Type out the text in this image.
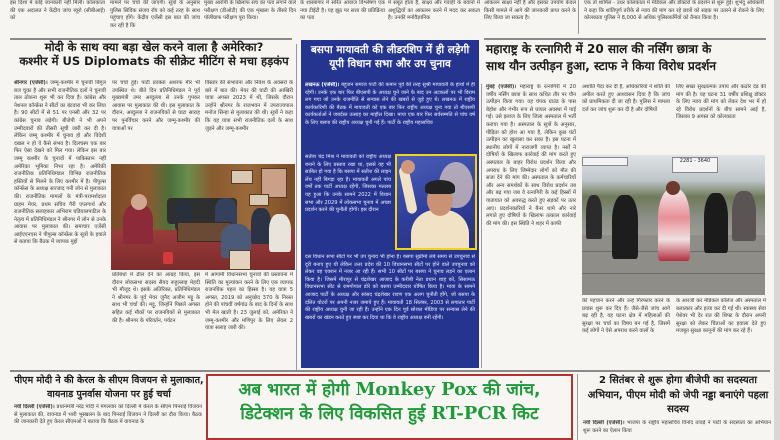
इस दिशा में कोई जानकारी नहीं मिली। कोलकाता की एक अदालत ने केंद्रीय जांच ब्यूरो (सीबीआई) को
मामले पर चर्चा की जाएगी। सूत्रों के अनुसार पुलिस सिविक संजय रॉय को कई तरह के साथ पहुंचाए होंगे। केंद्रीय एजेंसी इस बात की जांच कर रही है कि
मुख्य आरोपी के खिलाफ सच का पता लगाने वाले परीक्षण (डीओटी) की एक शृंखला के तीसरे दिन पॉलीग्राफ परीक्षण पूरा किया।
के शास्त्रागार में सरित आवाज विश्लेषण एक नया टीईटी है। यह झूठ पर सत्ता की प्रतिक्रिया का पता
में सबूत होता है, साक्ष्य और गवाही के बयानों में अशुद्धियों का आकलन करने में मदद कर सकता है। उनकी मनोवैज्ञानिक
आंकलन साक्ष्य नहीं है और इसका उपयोग केवल किसी मामले में आगे की जानकारी प्राप्त करने के लिए किया जा सकता है।
एक तो शामिल - उधर कोलकाता में मेडिकल और डॉक्टरों के प्रदर्शन से शुरू हुई। शुभेंदु अधिकारी ने कहा कि शांतिपूर्ण तरीके से न्याय की मांग कर रहे छात्रों को सड़क पर उतरने से रोकने के लिए कोलकाता पुलिस ने 8,000 से अधिक पुलिसकर्मियों को तैनात किया है।
मोदी के साथ क्या बड़ा खेल करने वाला है अमेरिका?
कश्मीर में US Diplomats की सीक्रेट मीटिंग से मचा हड़कंप
श्रीनगर (एजेंसी)। जम्मू-कश्मीर में चुनावी बिगुल बज चुका है और सभी राजनीतिक दलों ने चुनावी ताल ठोकना शुरू भी कर दिया है। कांग्रेस और नेशनल कॉन्फ्रेंस ने सीटों का बंटवारा भी कर लिया है। 90 सीटों में से 51 पर एनसी और 32 पर कांग्रेस चुनाव लड़ेगी। बीजेपी ने भी अपने उम्मीदवारों की तीसरी सूची जारी कर दी है। लेकिन जम्मू कश्मीर में चुनाव हो और विदेशी दखल न हो ये कैसे संभव है। दिलचस्प एक बार फिर ऐसा देखने को मिल गया। लेकिन इस बार जम्मू कश्मीर के चुनावों में पाकिस्तान नहीं अमेरिका भूमिका निभा रहा है। अमेरिकी राजनीतिक प्रतिनिधिमंडल विभिन्न राजनीतिक हस्तियों से मिलने के लिए कश्मीर में है। पीपुल्स कॉन्फ्रेंस के अध्यक्ष सज्जाद गनी लोन से मुलाकात की। राजनीतिक मामलों के मंत्री-परामर्शदाता ग्राहम मेयर, प्रथम सचिव गैरी एप्लगार्थ और राजनीतिक सलाहकार अभिराम घडियालपाटिल के नेतृत्व में प्रतिनिधिमंडल ने श्रीनगर में लोन से उनके आवास पर मुलाकात की। समाचार एजेंसी आईएएनएस ने पीपुल्स कॉन्फ्रेंस के सूत्रों के हवाले से बताया कि बैठक में व्यापक मुद्दों
पर चर्चा हुई। पार्टी प्रवक्ता अशरफ मीर भी उपस्थित थे। बीते दिन प्रतिनिधिमंडल ने पूर्व मुख्यमंत्री उमर अब्दुल्ला से उनके गुपकर आवास पर मुलाकात की थी। इस मुलाकात के दौरान, अब्दुल्ला ने राजनयिकों से घाटा साराह पर पुनर्विचार करने और जम्मू-कश्मीर की यात्राओं पर
विस्तार की संभावना और निवेश के अवसरों के बारे में बात की। मेयर की घाटी की आखिरी यात्रा अगस्त 2023 में थी, जिसके दौरान उन्होंने श्रीनगर के राजभवन में उपराज्यपाल मनोज सिन्हा से मुलाकात की थी। सूत्रों ने कहा कि यह यात्रा सभी राजनीतिक दलों के साथ जुड़ने और जम्मू-कश्मीर
प्रतिबंधों में ढील देने का आग्रह किया, इस दौरान लोकसभा सदस्य सैयद रूहुल्लाह मेहदी भी मौजूद थे। इसके अतिरिक्त, प्रतिनिधिमंडल ने श्रीनगर के पूर्व मेयर जुनैद अजीम मट्टू के साथ भी चर्चा की। मट्टू, जिन्होंने पिछले अगस्त सहित कई मौकों पर राजनयिकों से मुलाकात की है। श्रीनगर के परिवर्तन, पर्यटन
में आगामी विधानसभा चुनावों की प्रस्तावना में स्थिति का मूल्यांकन करने के लिए एक व्यापक राजनयिक पहल का हिस्सा है। यह यात्रा 5 अगस्त, 2019 को अनुच्छेद 370 के निरस्त होने की पांचवीं वर्षगांठ के बाद के दिनों के साथ भी मेल खाती है। 23 जुलाई को, अमेरिका ने जम्मू-कश्मीर और मणिपुर के लिए लेवल 2 यात्रा सलाह जारी की।
बसपा मायावती की लीडरशिप में ही लड़ेगी यूपी विधान सभा और उप चुनाव
लखनऊ (एजेंसी)। बहुजन समाज पार्टी की कमान पूर्व की तरह सुश्री मायावती के हाथों में ही रहेगी। उनके एक बार फिर बीएसपी के अध्यक्ष चुने जाने के बाद उन अटकलों पर भी विराम लग गया जो उनके राजनीति से सन्यास लेने की खबरों से जुड़े हुए थे। लखनऊ में राष्ट्रीय कार्यकारिणी की बैठक में मायावती को एक बार फिर राष्ट्रीय अध्यक्ष चुना गया तो बीएसपी कार्यकर्ताओं ने जबर्दस्त उत्साह का माहौल दिखा। माया एक बार फिर सर्वसम्मति से पांच वर्ष के लिए बसपा की राष्ट्रीय अध्यक्ष चुनी गई हैं। पार्टी के राष्ट्रीय महासचिव
सतीश चंद्र मिश्र ने मायावती को राष्ट्रीय अध्यक्ष बनाने के लिए प्रस्ताव रखा था, इससे यह भी साबित हो गया है कि बसपा में सतीश की लाइन लेंथ नहीं बिगड़ा रहा है। मायावती अगले पांच वर्षों तक पार्टी अध्यक्ष रहेंगी, जिसका मतलब यह हुआ कि उनके सामने 2022 में विधान सभा और 2029 में लोकसभा चुनाव में अच्छा प्रदर्शन करने की चुनौती होगी। इस दौरान
दस विधान सभा सीटों पर भी उप चुनाव भी होना है। बसपा सुप्रीमो लंबे समय से उपचुनाव से दूरी बनाए हुए थी लेकिन उत्तर प्रदेश की 10 विधानसभा सीटों पर होने वाले उपचुनाव को लेकर वह एक्शन में नजर आ रही हैं। सभी 10 सीटों पर बसपा ने चुनाव लड़ने का एलान किया है। जिसमें मीरापुर से चंद्रशेखर आजाद के करीबी नेता प्रधान शाह को, सिसामऊ विधानसभा सीट से रामगोपाल डोरे को बसपा उम्मीदवार घोषित किया है। माया के सामने आजाद पार्टी के अध्यक्ष और सांसद चंद्रशेखर रावण एक अलग चुनौती होंगे, जो बसपा के दलित वोटरों पर अपनी नजर जमाये हुए हैं। मायावती 18 सितंबर, 2003 से लगातार पार्टी की राष्ट्रीय अध्यक्ष चुनी जा रही हैं। उन्होंने एक दिन पूर्व सोशल मीडिया पर सन्यास लेने की खबरों का खंडन करते हुए स्पष्ट कर दिया था कि वे राष्ट्रीय अध्यक्ष बनी रहेंगी।
महाराष्ट्र के रत्नागिरी में 20 साल की नर्सिंग छात्रा के
साथ यौन उत्पीड़न हुआ, स्टाफ ने किया विरोध प्रदर्शन
मुंबई (एजेंसी)। महाराष्ट्र के रत्नागिरी में 20 वर्षीय नर्सिंग छात्रा के साथ कथित तौर पर यौन उत्पीड़न किया गया। वह चंपक ग्राउंड के पास बेहोश और गंभीर रूप से घायल अवस्था में पाई गई। उसे इलाज के लिए जिला अस्पताल में भर्ती कराया गया है। अस्पताल के सूत्रों के अनुसार, पीड़िता को होश आ गया है, लेकिन कुछ घंटों उत्पीड़न का खुलासा कर सका है। इस घटना में स्थानीय लोगों में नाराजगी व्याप्त है। नर्सों ने दोषियों के खिलाफ कार्रवाई की मांग करते हुए अस्पताल के बाहर विरोध प्रदर्शन किया और अपराध के लिए जिम्मेदार लोगों को मौत की सजा देने की मांग की। अस्पताल के कर्मचारियों और अन्य समर्थकों के साथ विरोध प्रदर्शन तब और बढ़ गया जब वे रत्नागिरी के कई हिस्सों में यातायात को अवरुद्ध करते हुए सड़कों पर उतर आए। प्रदर्शनकारियों ने बैनर थामे और नारे लगाते हुए दोषियों के खिलाफ तत्काल कार्रवाई की मांग की। इस स्थिति ने शहर में काफी
अशांति पैदा कर दी है, अधिकारियों ने शांति की अपील करते हुए आश्वासन दिया है कि जांच को प्राथमिकता दी जा रही है। पुलिस ने मामला दर्ज कर जांच शुरू कर दी है और दोषियों
लिए सख्त सुरक्षात्मक उपाय और कठोर दंड की मांग की है। यह घटना 31 वर्षीय प्रशिक्षु डॉक्टर के लिए न्याय की मांग को लेकर देश भर में हो रहे विरोध प्रदर्शनों के बीच सामने आई है, जिसका 9 अगस्त को कोलकाता
2281 - 3640
की पहचान करने और उन्हें गिरफ्तार करने के प्रयास शुरू कर दिए हैं। जैसे-जैसे जांच आगे बढ़ रही है, यह घटना क्षेत्र में महिलाओं की सुरक्षा पर चर्चा का विषय बन गई है, जिसमें कई लोगों ने ऐसे अपराध करने वालों के
के आरजी कर मेडिकल कॉलेज और अस्पताल में बलात्कार और हत्या कर दी गई थी। स्वास्थ्य सेवा पेशेवर भी देर रात की शिफ्ट के दौरान अपनी सुरक्षा को लेकर चिंताओं का हवाला देते हुए मजबूत सुरक्षा कानूनों की मांग कर रहे हैं।
पीएम मोदी ने की केरल के सीएम विजयन से मुलाकात, वायनाड पुनर्वास योजना पर हुई चर्चा
नयी दिल्ली (एजेंसी)। प्रधानमंत्री नरेंद्र मोदी ने मंगलवार को दिल्ली में केरल के सीएम पिनराई विजयन से मुलाकात की, वायनाड में भारी भूस्खलन के बाद पिनराई विजयन ने दिल्ली का दौरा किया। बैठक की जानकारी देते हुए केरल सीएमओ ने बताया कि बैठक में वायनाड के
अब भारत में होगी Monkey Pox की जांच,
डिटेक्शन के लिए विकसित हुई RT-PCR किट
2 सितंबर से शुरू होगा बीजेपी का सदस्यता अभियान, पीएम मोदी को जेपी नड्डा बनाएंगे पहला सदस्य
नयी दिल्ली (एजेंसी)। भाजपा के राष्ट्रीय महासचिव विनोद तावड़े ने पार्टी के सदस्यता का अभियान शुरू करने का ऐलान किया
